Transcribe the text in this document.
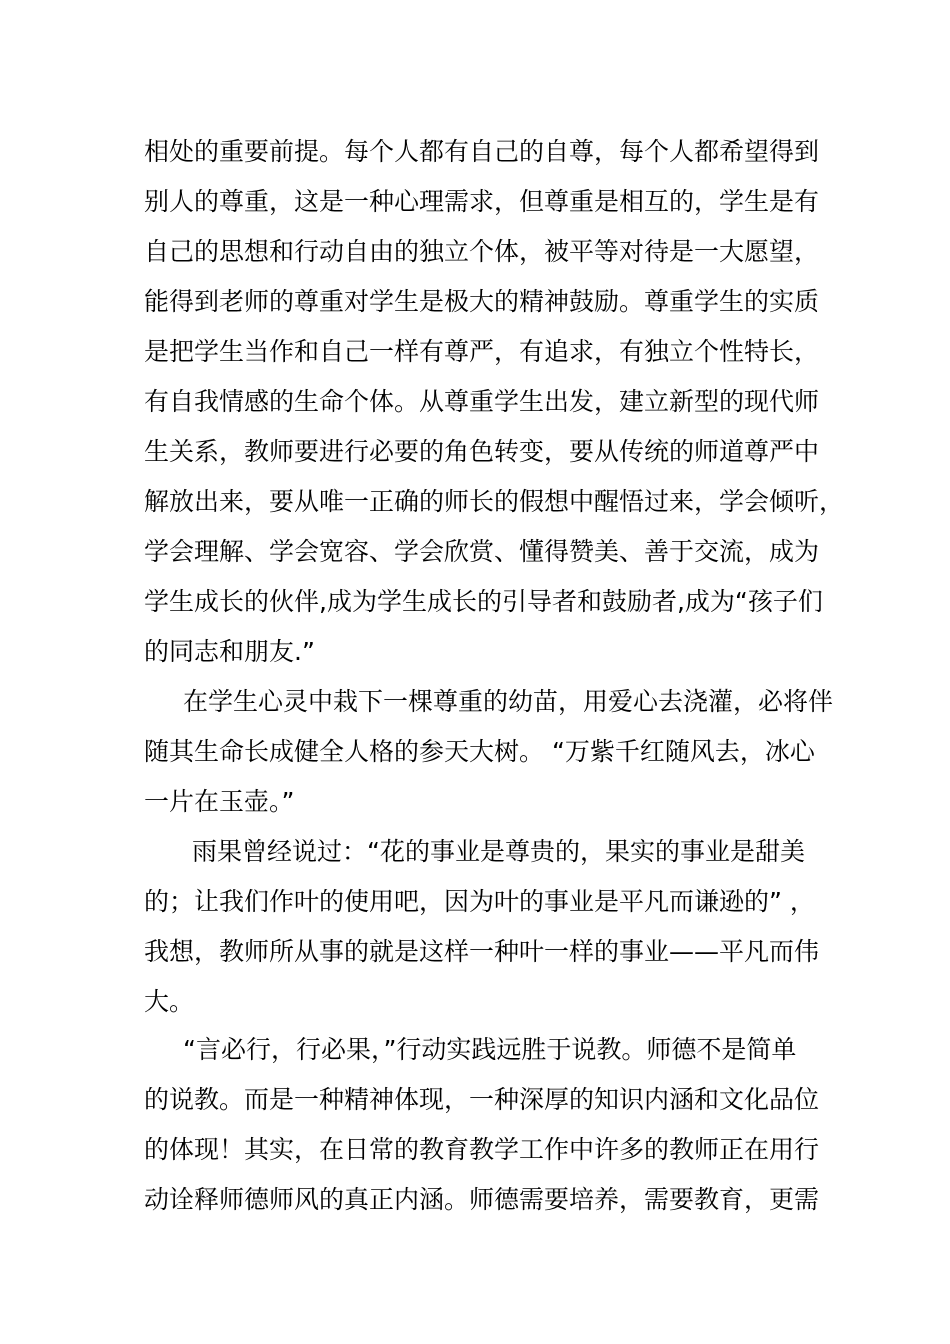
相处的重要前提。每个人都有自己的自尊，每个人都希望得到
别人的尊重，这是一种心理需求，但尊重是相互的，学生是有
自己的思想和行动自由的独立个体，被平等对待是一大愿望，
能得到老师的尊重对学生是极大的精神鼓励。尊重学生的实质
是把学生当作和自己一样有尊严，有追求，有独立个性特长，
有自我情感的生命个体。从尊重学生出发，建立新型的现代师
生关系，教师要进行必要的角色转变，要从传统的师道尊严中
解放出来，要从唯一正确的师长的假想中醒悟过来，学会倾听，
学会理解、学会宽容、学会欣赏、懂得赞美、善于交流，成为
学生成长的伙伴,成为学生成长的引导者和鼓励者,成为“孩子们
的同志和朋友.”
在学生心灵中栽下一棵尊重的幼苗，用爱心去浇灌，必将伴
随其生命长成健全人格的参天大树。 “万紫千红随风去，冰心
一片在玉壶。”
雨果曾经说过：“花的事业是尊贵的，果实的事业是甜美
的；让我们作叶的使用吧，因为叶的事业是平凡而谦逊的” ，
我想，教师所从事的就是这样一种叶一样的事业——平凡而伟
大。
“言必行，行必果，”行动实践远胜于说教。师德不是简单
的说教。而是一种精神体现，一种深厚的知识内涵和文化品位
的体现！其实，在日常的教育教学工作中许多的教师正在用行
动诠释师德师风的真正内涵。师德需要培养，需要教育，更需
